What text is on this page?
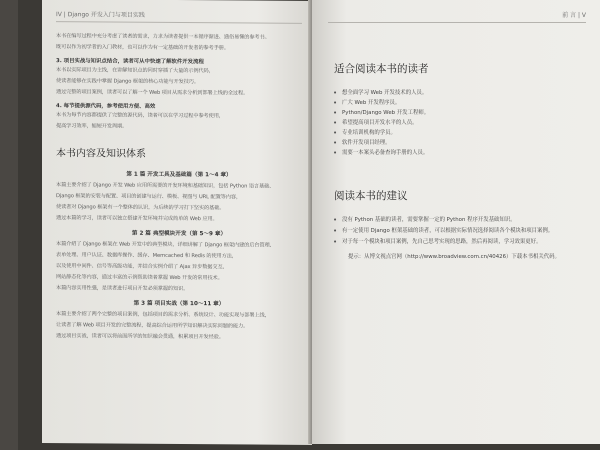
IV | Django 开发入门与项目实践

本书在编写过程中充分考虑了读者的需求，力求为读者提供一本循序渐进、通俗易懂的参考书。

既可以作为初学者的入门教材，也可以作为有一定基础的开发者的参考手册。

3. 项目实战与知识点结合，读者可从中快速了解软件开发流程

本书以实际项目为主线，在讲解知识点的同时穿插了大量的示例代码，

使读者能够在实践中掌握 Django 框架的核心功能与开发技巧。

通过完整的项目案例，读者可以了解一个 Web 项目从需求分析到部署上线的全过程。

4. 每节提供源代码，参考使用方便、高效

本书为每节内容都提供了完整的源代码，读者可以在学习过程中参考使用，

提高学习效率，缩短开发周期。

本书内容及知识体系
第 1 篇 开发工具及基础篇（第 1～4 章）

本篇主要介绍了 Django 开发 Web 应用所需要的开发环境和基础知识，包括 Python 语言基础、

Django 框架的安装与配置、项目的创建与运行、模板、视图与 URL 配置等内容，

使读者对 Django 框架有一个整体的认识，为后续的学习打下坚实的基础。

通过本篇的学习，读者可以独立搭建开发环境并完成简单的 Web 应用。

第 2 篇 典型模块开发（第 5～9 章）

本篇介绍了 Django 框架在 Web 开发中的典型模块，详细讲解了 Django 框架内建的后台管理、

表单处理、用户认证、数据库操作、缓存、Memcached 和 Redis 的使用方法，

以及使用中间件、信号等高级功能，并结合实例介绍了 Ajax 异步数据交互、

网站静态化等内容，通过丰富的示例帮助读者掌握 Web 开发的常用技术。

本篇内容实用性强，是读者进行项目开发必须掌握的知识。

第 3 篇 项目实战（第 10～11 章）

本篇主要介绍了两个完整的项目案例，包括项目的需求分析、系统设计、功能实现与部署上线，

让读者了解 Web 项目开发的完整流程，提高综合运用所学知识解决实际问题的能力。

通过项目实战，读者可以将前面所学的知识融会贯通，积累项目开发经验。

前 言 | V
适合阅读本书的读者
• 想全面学习 Web 开发技术的人员。
• 广大 Web 开发程序员。
• Python/Django Web 开发工程师。
• 希望提高项目开发水平的人员。
• 专业培训机构的学员。
• 软件开发项目经理。
• 需要一本案头必备查询手册的人员。
阅读本书的建议
• 没有 Python 基础的读者，需要掌握一定的 Python 程序开发基础知识。
• 有一定使用 Django 框架基础的读者，可以根据实际情况选择阅读各个模块和项目案例。
• 对于每一个模块和项目案例，先自己思考实现的思路，然后再阅读，学习效果更好。
提示：从博文视点官网（http://www.broadview.com.cn/40426）下载本书相关代码。
